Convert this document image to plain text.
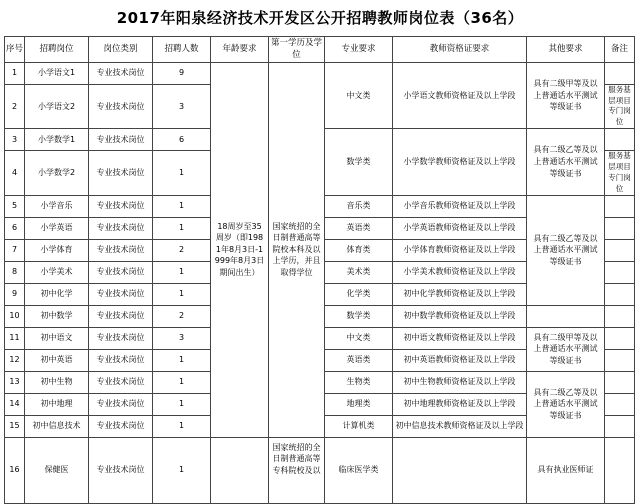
2017年阳泉经济技术开发区公开招聘教师岗位表（36名）
序号	招聘岗位	岗位类别	招聘人数	年龄要求	第一学历及学位	专业要求	教师资格证要求	其他要求	备注
1	小学语文1	专业技术岗位	9	18周岁至35周岁（即1981年8月3日-1999年8月3日期间出生）	国家统招的全日制普通高等院校本科及以上学历，并且取得学位	中文类	小学语文教师资格证及以上学段	具有二级甲等及以上普通话水平测试等级证书	
2	小学语文2	专业技术岗位	3						服务基层项目专门岗位
3	小学数学1	专业技术岗位	6			数学类	小学数学教师资格证及以上学段	具有二级乙等及以上普通话水平测试等级证书	
4	小学数学2	专业技术岗位	1						服务基层项目专门岗位
5	小学音乐	专业技术岗位	1			音乐类	小学音乐教师资格证及以上学段	具有二级乙等及以上普通话水平测试等级证书	
6	小学英语	专业技术岗位	1			英语类	小学英语教师资格证及以上学段		
7	小学体育	专业技术岗位	2			体育类	小学体育教师资格证及以上学段		
8	小学美术	专业技术岗位	1			美术类	小学美术教师资格证及以上学段		
9	初中化学	专业技术岗位	1			化学类	初中化学教师资格证及以上学段		
10	初中数学	专业技术岗位	2			数学类	初中数学教师资格证及以上学段		
11	初中语文	专业技术岗位	3			中文类	初中语文教师资格证及以上学段	具有二级甲等及以上普通话水平测试等级证书	
12	初中英语	专业技术岗位	1			英语类	初中英语教师资格证及以上学段		
13	初中生物	专业技术岗位	1			生物类	初中生物教师资格证及以上学段	具有二级乙等及以上普通话水平测试等级证书	
14	初中地理	专业技术岗位	1			地理类	初中地理教师资格证及以上学段		
15	初中信息技术	专业技术岗位	1			计算机类	初中信息技术教师资格证及以上学段		
16	保健医	专业技术岗位	1		国家统招的全日制普通高等专科院校及以	临床医学类		具有执业医师证	
